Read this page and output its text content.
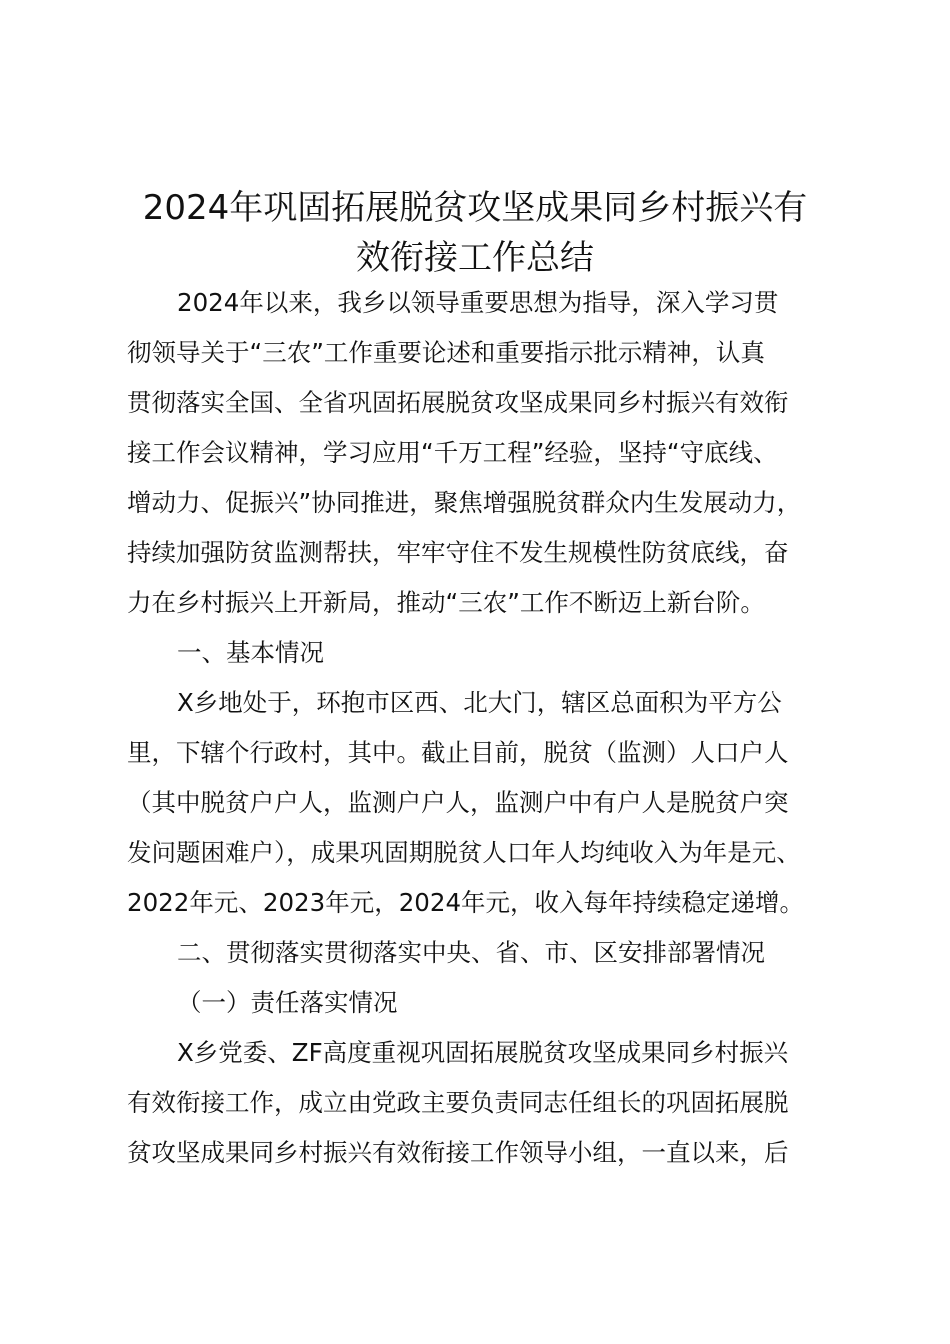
2024年巩固拓展脱贫攻坚成果同乡村振兴有
效衔接工作总结
2024年以来，我乡以领导重要思想为指导，深入学习贯
彻领导关于“三农”工作重要论述和重要指示批示精神，认真
贯彻落实全国、全省巩固拓展脱贫攻坚成果同乡村振兴有效衔
接工作会议精神，学习应用“千万工程”经验，坚持“守底线、
增动力、促振兴”协同推进，聚焦增强脱贫群众内生发展动力，
持续加强防贫监测帮扶，牢牢守住不发生规模性防贫底线，奋
力在乡村振兴上开新局，推动“三农”工作不断迈上新台阶。
一、基本情况
X乡地处于，环抱市区西、北大门，辖区总面积为平方公
里，下辖个行政村，其中。截止目前，脱贫（监测）人口户人
（其中脱贫户户人，监测户户人，监测户中有户人是脱贫户突
发问题困难户），成果巩固期脱贫人口年人均纯收入为年是元、
2022年元、2023年元，2024年元，收入每年持续稳定递增。
二、贯彻落实贯彻落实中央、省、市、区安排部署情况
（一）责任落实情况
X乡党委、ZF高度重视巩固拓展脱贫攻坚成果同乡村振兴
有效衔接工作，成立由党政主要负责同志任组长的巩固拓展脱
贫攻坚成果同乡村振兴有效衔接工作领导小组，一直以来，后
